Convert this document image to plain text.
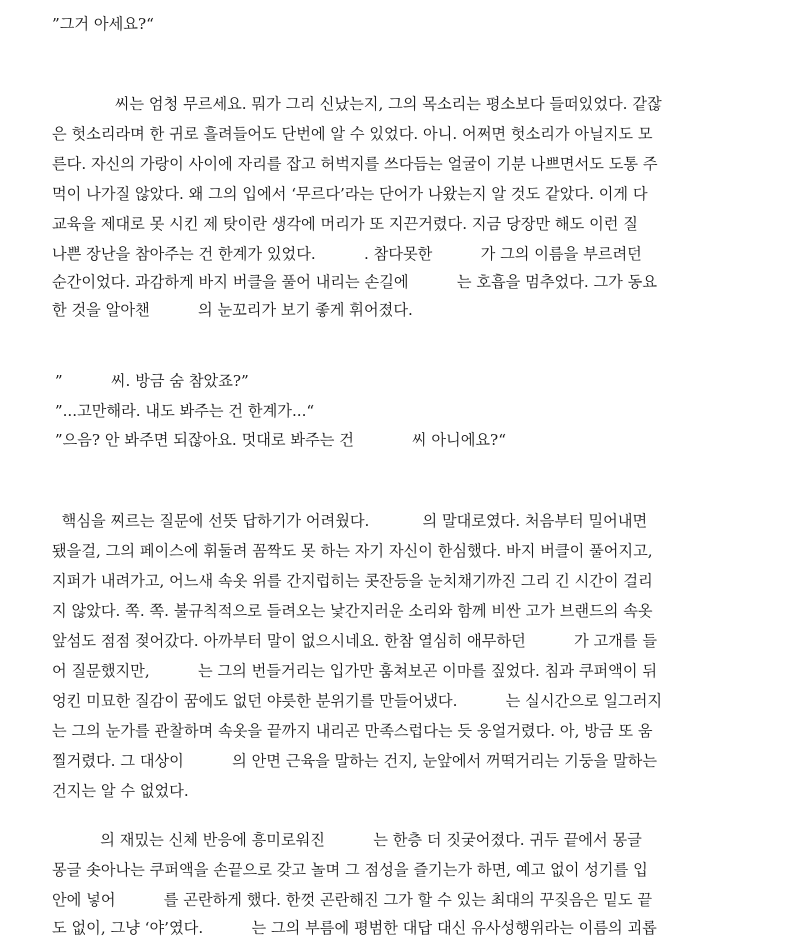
”그거 아세요?“
씨는 엄청 무르세요. 뭐가 그리 신났는지, 그의 목소리는 평소보다 들떠있었다. 같잖
은 헛소리라며 한 귀로 흘려들어도 단번에 알 수 있었다. 아니. 어쩌면 헛소리가 아닐지도 모
른다. 자신의 가랑이 사이에 자리를 잡고 허벅지를 쓰다듬는 얼굴이 기분 나쁘면서도 도통 주
먹이 나가질 않았다. 왜 그의 입에서 ‘무르다’라는 단어가 나왔는지 알 것도 같았다. 이게 다
교육을 제대로 못 시킨 제 탓이란 생각에 머리가 또 지끈거렸다. 지금 당장만 해도 이런 질
나쁜 장난을 참아주는 건 한계가 있었다.          . 참다못한          가 그의 이름을 부르려던
순간이었다. 과감하게 바지 버클을 풀어 내리는 손길에          는 호흡을 멈추었다. 그가 동요
한 것을 알아챈          의 눈꼬리가 보기 좋게 휘어졌다.
”          씨. 방금 숨 참았죠?”
”...고만해라. 내도 봐주는 건 한계가...“
”으음? 안 봐주면 되잖아요. 멋대로 봐주는 건            씨 아니에요?“
핵심을 찌르는 질문에 선뜻 답하기가 어려웠다.           의 말대로였다. 처음부터 밀어내면
됐을걸, 그의 페이스에 휘둘려 꼼짝도 못 하는 자기 자신이 한심했다. 바지 버클이 풀어지고,
지퍼가 내려가고, 어느새 속옷 위를 간지럽히는 콧잔등을 눈치채기까진 그리 긴 시간이 걸리
지 않았다. 쪽. 쪽. 불규칙적으로 들려오는 낯간지러운 소리와 함께 비싼 고가 브랜드의 속옷
앞섬도 점점 젖어갔다. 아까부터 말이 없으시네요. 한참 열심히 애무하던          가 고개를 들
어 질문했지만,          는 그의 번들거리는 입가만 훔쳐보곤 이마를 짚었다. 침과 쿠퍼액이 뒤
엉킨 미묘한 질감이 꿈에도 없던 야릇한 분위기를 만들어냈다.          는 실시간으로 일그러지
는 그의 눈가를 관찰하며 속옷을 끝까지 내리곤 만족스럽다는 듯 웅얼거렸다. 아, 방금 또 움
찔거렸다. 그 대상이          의 안면 근육을 말하는 건지, 눈앞에서 꺼떡거리는 기둥을 말하는
건지는 알 수 없었다.
의 재밌는 신체 반응에 흥미로워진          는 한층 더 짓궂어졌다. 귀두 끝에서 몽글
몽글 솟아나는 쿠퍼액을 손끝으로 갖고 놀며 그 점성을 즐기는가 하면, 예고 없이 성기를 입
안에 넣어          를 곤란하게 했다. 한껏 곤란해진 그가 할 수 있는 최대의 꾸짖음은 밑도 끝
도 없이, 그냥 ‘야’였다.          는 그의 부름에 평범한 대답 대신 유사성행위라는 이름의 괴롭
